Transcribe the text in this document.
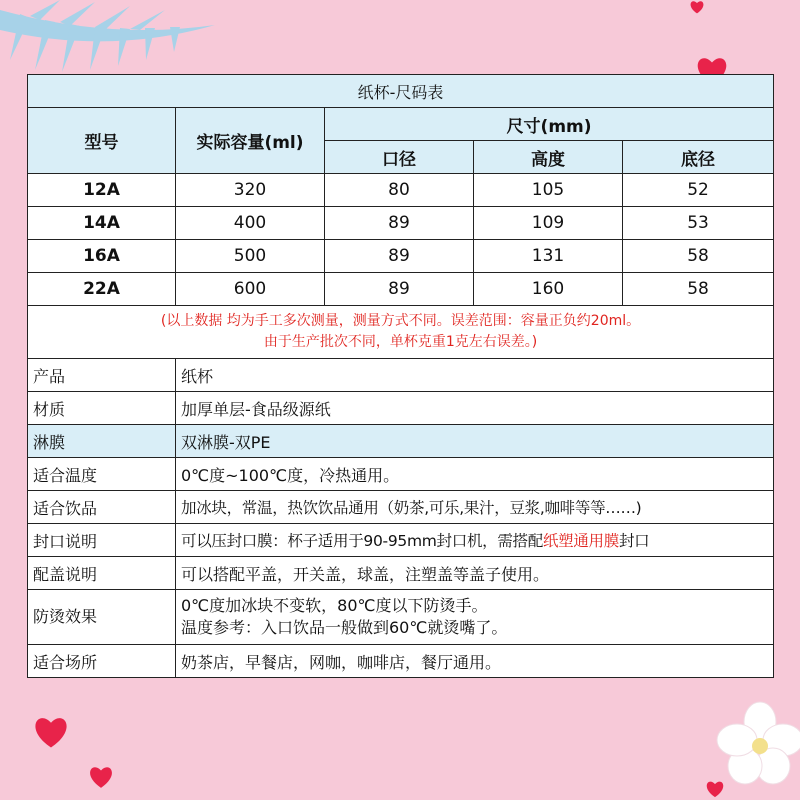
纸杯-尺码表				
型号	实际容量(ml)	尺寸(mm)		
		口径	高度	底径
12A	320	80	105	52
14A	400	89	109	53
16A	500	89	131	58
22A	600	89	160	58

(以上数据 均为手工多次测量，测量方式不同。误差范围：容量正负约20ml。
由于生产批次不同，单杯克重1克左右误差。)				
产品	纸杯
材质	加厚单层-食品级源纸
淋膜	双淋膜-双PE
适合温度	0℃度~100℃度，冷热通用。
适合饮品	加冰块，常温，热饮饮品通用（奶茶,可乐,果汁，豆浆,咖啡等等……)
封口说明	可以压封口膜：杯子适用于90-95mm封口机，需搭配纸塑通用膜封口
配盖说明	可以搭配平盖，开关盖，球盖，注塑盖等盖子使用。
防烫效果	0℃度加冰块不变软，80℃度以下防烫手。
温度参考：入口饮品一般做到60℃就烫嘴了。

适合场所	奶茶店，早餐店，网咖，咖啡店，餐厅通用。
